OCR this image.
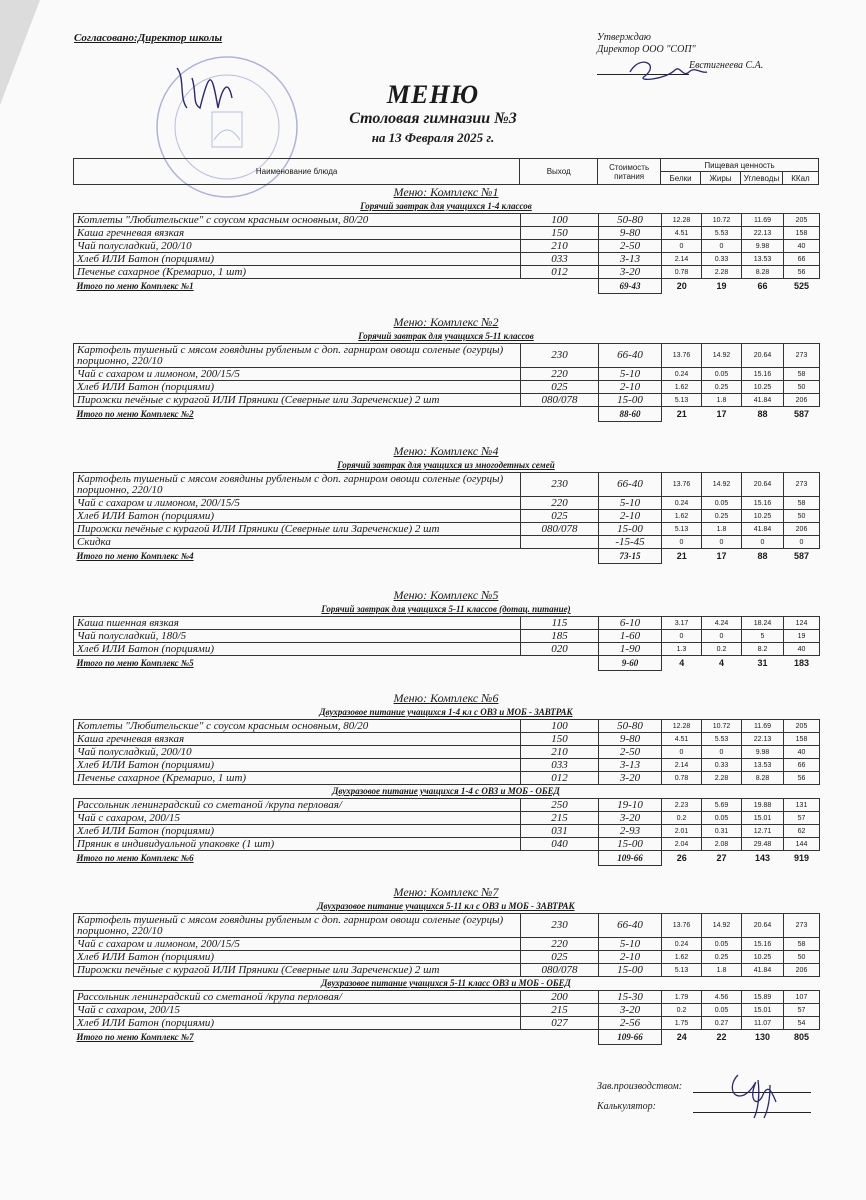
Согласовано:Директор школы	Утверждаю
Директор ООО "СОП"
Евстигнеева С.А.
МЕНЮ
Столовая гимназии №3
на 13 Февраля 2025 г.
Наименование блюда	Выход	Стоимость питания	Пищевая ценность			
			Белки	Жиры	Углеводы	ККал
Меню: Комплекс №1
Горячий завтрак для учащихся 1-4 классов
Котлеты "Любительские" с соусом красным основным, 80/20	100	50-80	12.28	10.72	11.69	205
Каша гречневая вязкая	150	9-80	4.51	5.53	22.13	158
Чай полусладкий, 200/10	210	2-50	0	0	9.98	40
Хлеб ИЛИ Батон (порциями)	033	3-13	2.14	0.33	13.53	66
Печенье сахарное (Кремарио, 1 шт)	012	3-20	0.78	2.28	8.28	56
Итого по меню Комплекс №1		69-43	20	19	66	525
Меню: Комплекс №2
Горячий завтрак для учащихся 5-11 классов
Картофель тушеный с мясом говядины рубленым с доп. гарниром овощи соленые (огурцы) порционно, 220/10	230	66-40	13.76	14.92	20.64	273
Чай с сахаром и лимоном, 200/15/5	220	5-10	0.24	0.05	15.16	58
Хлеб ИЛИ Батон (порциями)	025	2-10	1.62	0.25	10.25	50
Пирожки печёные с курагой ИЛИ Пряники (Северные или Зареченские) 2 шт	080/078	15-00	5.13	1.8	41.84	206
Итого по меню Комплекс №2		88-60	21	17	88	587
Меню: Комплекс №4
Горячий завтрак для учащихся из многодетных семей
Картофель тушеный с мясом говядины рубленым с доп. гарниром овощи соленые (огурцы) порционно, 220/10	230	66-40	13.76	14.92	20.64	273
Чай с сахаром и лимоном, 200/15/5	220	5-10	0.24	0.05	15.16	58
Хлеб ИЛИ Батон (порциями)	025	2-10	1.62	0.25	10.25	50
Пирожки печёные с курагой ИЛИ Пряники (Северные или Зареченские) 2 шт	080/078	15-00	5.13	1.8	41.84	206
Скидка		-15-45	0	0	0	0
Итого по меню Комплекс №4		73-15	21	17	88	587
Меню: Комплекс №5
Горячий завтрак для учащихся 5-11 классов (дотац. питание)
Каша пшенная вязкая	115	6-10	3.17	4.24	18.24	124
Чай полусладкий, 180/5	185	1-60	0	0	5	19
Хлеб ИЛИ Батон (порциями)	020	1-90	1.3	0.2	8.2	40
Итого по меню Комплекс №5		9-60	4	4	31	183
Меню: Комплекс №6
Двухразовое питание учащихся 1-4 кл с ОВЗ и МОБ - ЗАВТРАК
Котлеты "Любительские" с соусом красным основным, 80/20	100	50-80	12.28	10.72	11.69	205
Каша гречневая вязкая	150	9-80	4.51	5.53	22.13	158
Чай полусладкий, 200/10	210	2-50	0	0	9.98	40
Хлеб ИЛИ Батон (порциями)	033	3-13	2.14	0.33	13.53	66
Печенье сахарное (Кремарио, 1 шт)	012	3-20	0.78	2.28	8.28	56
Двухразовое питание учащихся 1-4 с ОВЗ и МОБ - ОБЕД
Рассольник ленинградский со сметаной /крупа перловая/	250	19-10	2.23	5.69	19.88	131
Чай с сахаром, 200/15	215	3-20	0.2	0.05	15.01	57
Хлеб ИЛИ Батон (порциями)	031	2-93	2.01	0.31	12.71	62
Пряник в индивидуальной упаковке (1 шт)	040	15-00	2.04	2.08	29.48	144
Итого по меню Комплекс №6		109-66	26	27	143	919
Меню: Комплекс №7
Двухразовое питание учащихся 5-11 кл с ОВЗ и МОБ - ЗАВТРАК
Картофель тушеный с мясом говядины рубленым с доп. гарниром овощи соленые (огурцы) порционно, 220/10	230	66-40	13.76	14.92	20.64	273
Чай с сахаром и лимоном, 200/15/5	220	5-10	0.24	0.05	15.16	58
Хлеб ИЛИ Батон (порциями)	025	2-10	1.62	0.25	10.25	50
Пирожки печёные с курагой ИЛИ Пряники (Северные или Зареченские) 2 шт	080/078	15-00	5.13	1.8	41.84	206
Двухразовое питание учащихся 5-11 класс ОВЗ и МОБ - ОБЕД
Рассольник ленинградский со сметаной /крупа перловая/	200	15-30	1.79	4.56	15.89	107
Чай с сахаром, 200/15	215	3-20	0.2	0.05	15.01	57
Хлеб ИЛИ Батон (порциями)	027	2-56	1.75	0.27	11.07	54
Итого по меню Комплекс №7		109-66	24	22	130	805
Зав.производством:
Калькулятор:
